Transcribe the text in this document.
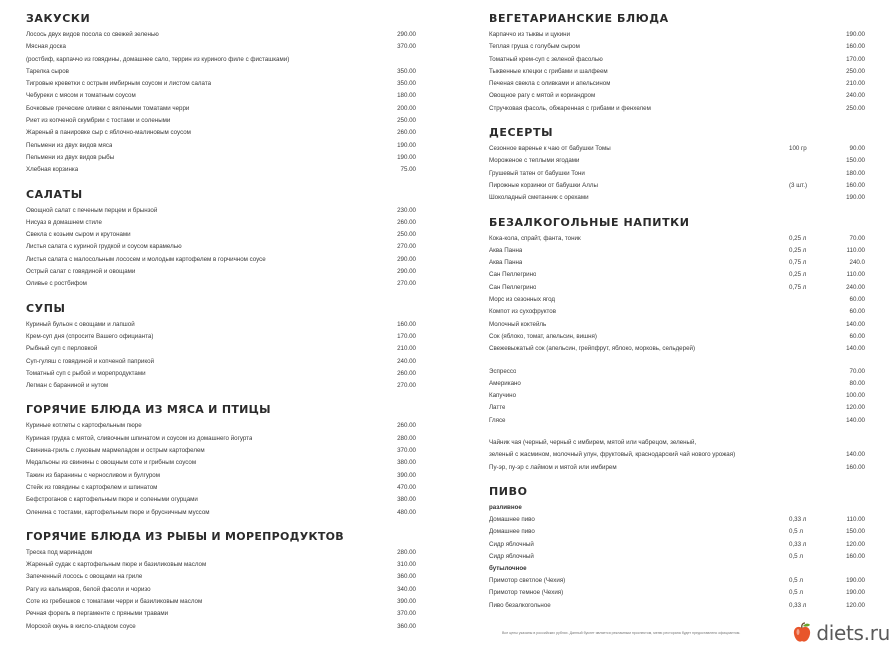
ЗАКУСКИ
Лосось двух видов посола со свежей зеленью	290.00
Мясная доска	370.00
(ростбиф, карпаччо из говядины, домашнее сало, террин из куриного филе с фисташками)
Тарелка сыров	350.00
Тигровые креветки с острым имбирным соусом и листом салата	350.00
Чебуреки с мясом и томатным соусом	180.00
Бочковые греческие оливки с вялеными томатами черри	200.00
Риет из копченой скумбрии с тостами и солеными	250.00
Жареный в панировке сыр с яблочно-малиновым соусом	260.00
Пельмени из двух видов мяса	190.00
Пельмени из двух видов рыбы	190.00
Хлебная корзинка	75.00
САЛАТЫ
Овощной салат с печеным перцем и брынзой	230.00
Нисуаз в домашнем стиле	260.00
Свекла с козьим сыром и крутонами	250.00
Листья салата с куриной грудкой и соусом карамелью	270.00
Листья салата с малосольным лососем и молодым картофелем в горчичном соусе	290.00
Острый салат с говядиной и овощами	290.00
Оливье с ростбифом	270.00
СУПЫ
Куриный бульон с овощами и лапшой	160.00
Крем-суп дня (спросите Вашего официанта)	170.00
Рыбный суп с перловкой	210.00
Суп-гуляш с говядиной и копченой паприкой	240.00
Томатный суп с рыбой и морепродуктами	260.00
Легман с бараниной и нутом	270.00
ГОРЯЧИЕ БЛЮДА ИЗ МЯСА И ПТИЦЫ
Куриные котлеты с картофельным пюре	260.00
Куриная грудка с мятой, сливочным шпинатом и соусом из домашнего йогурта	280.00
Свинина-гриль с луковым мармеладом и острым картофелем	370.00
Медальоны из свинины с овощным соте и грибным соусом	380.00
Тажин из баранины с черносливом и булгуром	390.00
Стейк из говядины с картофелем и шпинатом	470.00
Бефстроганов с картофельным пюре и солеными огурцами	380.00
Оленина с тостами, картофельным пюре и брусничным муссом	480.00
ГОРЯЧИЕ БЛЮДА ИЗ РЫБЫ И МОРЕПРОДУКТОВ
Треска под маринадом	280.00
Жареный судак с картофельным пюре и базиликовым маслом	310.00
Запеченный лосось с овощами на гриле	360.00
Рагу из кальмаров, белой фасоли и чоризо	340.00
Соте из гребешков с томатами черри и базиликовым маслом	390.00
Речная форель в пергаменте с пряными травами	370.00
Морской окунь в кисло-сладком соусе	360.00
ВЕГЕТАРИАНСКИЕ БЛЮДА
Карпаччо из тыквы и цукини	190.00
Теплая груша с голубым сыром	160.00
Томатный крем-суп с зеленой фасолью	170.00
Тыквенные клецки с грибами и шалфеем	250.00
Печеная свекла с оливками и апельсином	210.00
Овощное рагу с мятой и кориандром	240.00
Стручковая фасоль, обжаренная с грибами и фенхелем	250.00
ДЕСЕРТЫ
Сезонное варенье к чаю от бабушки Томы	100 гр	90.00
Мороженое с теплыми ягодами	150.00
Грушевый татен от бабушки Тони	180.00
Пирожные корзинки от бабушки Аллы	(3 шт.)	160.00
Шоколадный сметанник с орехами	190.00
БЕЗАЛКОГОЛЬНЫЕ НАПИТКИ
Кока-кола, спрайт, фанта, тоник	0,25 л	70.00
Аква Панна	0,25 л	110.00
Аква Панна	0,75 л	240.0
Сан Пеллегрино	0,25 л	110.00
Сан Пеллегрино	0,75 л	240.00
Морс из сезонных ягод	60.00
Компот из сухофруктов	60.00
Молочный коктейль	140.00
Сок (яблоко, томат, апельсин, вишня)	60.00
Свежевыжатый сок (апельсин, грейпфрут, яблоко, морковь, сельдерей)	140.00
Эспрессо	70.00
Американо	80.00
Капучино	100.00
Латте	120.00
Глясе	140.00
Чайник чая (черный, черный с имбирем, мятой или чабрецом, зеленый,
зеленый с жасмином, молочный улун, фруктовый, краснодарский чай нового урожая)	140.00
Пу-эр, пу-эр с лаймом и мятой или имбирем	160.00
ПИВО
разливное
Домашнее пиво	0,33 л	110.00
Домашнее пиво	0,5 л	150.00
Сидр яблочный	0,33 л	120.00
Сидр яблочный	0,5 л	160.00
бутылочное
Примотор светлое (Чехия)	0,5 л	190.00
Примотор темное (Чехия)	0,5 л	190.00
Пиво безалкогольное	0,33 л	120.00
Все цены указаны в российских рублях. Данный буклет является рекламным проспектом, меню ресторана будет предоставлено официантом.	diets.ru
